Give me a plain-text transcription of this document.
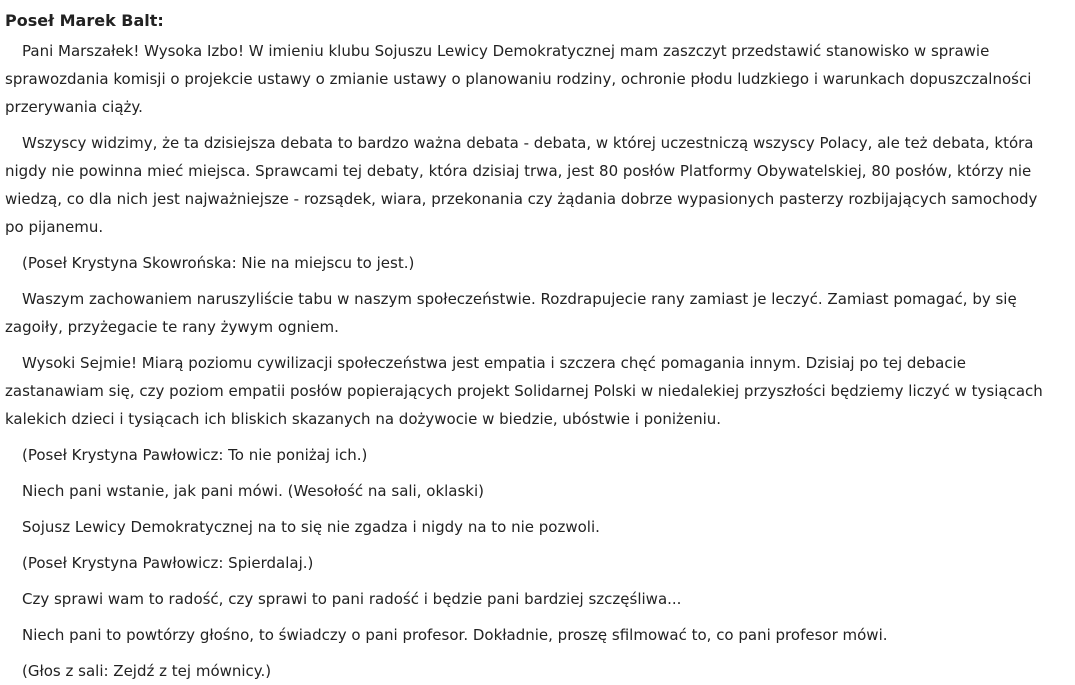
Poseł Marek Balt:

Pani Marszałek! Wysoka Izbo! W imieniu klubu Sojuszu Lewicy Demokratycznej mam zaszczyt przedstawić stanowisko w sprawie sprawozdania komisji o projekcie ustawy o zmianie ustawy o planowaniu rodziny, ochronie płodu ludzkiego i warunkach dopuszczalności przerywania ciąży.

Wszyscy widzimy, że ta dzisiejsza debata to bardzo ważna debata - debata, w której uczestniczą wszyscy Polacy, ale też debata, która nigdy nie powinna mieć miejsca. Sprawcami tej debaty, która dzisiaj trwa, jest 80 posłów Platformy Obywatelskiej, 80 posłów, którzy nie wiedzą, co dla nich jest najważniejsze - rozsądek, wiara, przekonania czy żądania dobrze wypasionych pasterzy rozbijających samochody po pijanemu.

(Poseł Krystyna Skowrońska: Nie na miejscu to jest.)

Waszym zachowaniem naruszyliście tabu w naszym społeczeństwie. Rozdrapujecie rany zamiast je leczyć. Zamiast pomagać, by się zagoiły, przyżegacie te rany żywym ogniem.

Wysoki Sejmie! Miarą poziomu cywilizacji społeczeństwa jest empatia i szczera chęć pomagania innym. Dzisiaj po tej debacie zastanawiam się, czy poziom empatii posłów popierających projekt Solidarnej Polski w niedalekiej przyszłości będziemy liczyć w tysiącach kalekich dzieci i tysiącach ich bliskich skazanych na dożywocie w biedzie, ubóstwie i poniżeniu.

(Poseł Krystyna Pawłowicz: To nie poniżaj ich.)

Niech pani wstanie, jak pani mówi. (Wesołość na sali, oklaski)

Sojusz Lewicy Demokratycznej na to się nie zgadza i nigdy na to nie pozwoli.

(Poseł Krystyna Pawłowicz: Spierdalaj.)

Czy sprawi wam to radość, czy sprawi to pani radość i będzie pani bardziej szczęśliwa...

Niech pani to powtórzy głośno, to świadczy o pani profesor. Dokładnie, proszę sfilmować to, co pani profesor mówi.

(Głos z sali: Zejdź z tej mównicy.)
